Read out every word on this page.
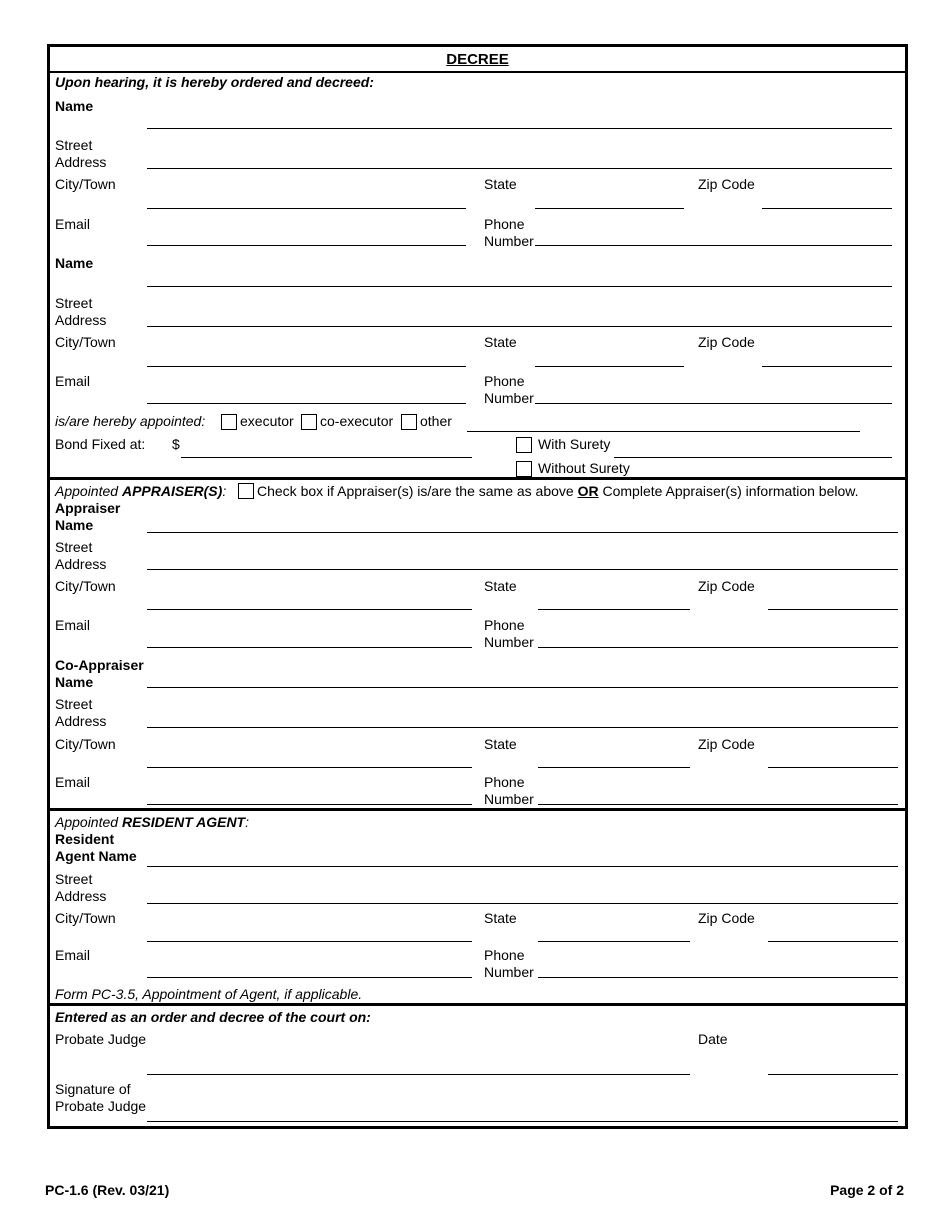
DECREE
Upon hearing, it is hereby ordered and decreed:
Name
Street
Address
City/Town	State	Zip Code
Email	Phone
Number
Name
Street
Address
City/Town	State	Zip Code
Email	Phone
Number
is/are hereby appointed: executor co-executor other
Bond Fixed at: $	With Surety
Without Surety
Appointed APPRAISER(S): Check box if Appraiser(s) is/are the same as above OR Complete Appraiser(s) information below.
Appraiser
Name
Street
Address
City/Town	State	Zip Code
Email	Phone
Number
Co-Appraiser
Name
Street
Address
City/Town	State	Zip Code
Email	Phone
Number
Appointed RESIDENT AGENT:
Resident
Agent Name
Street
Address
City/Town	State	Zip Code
Email	Phone
Number
Form PC-3.5, Appointment of Agent, if applicable.
Entered as an order and decree of the court on:
Probate Judge	Date
Signature of
Probate Judge
PC-1.6 (Rev. 03/21)	Page 2 of 2
